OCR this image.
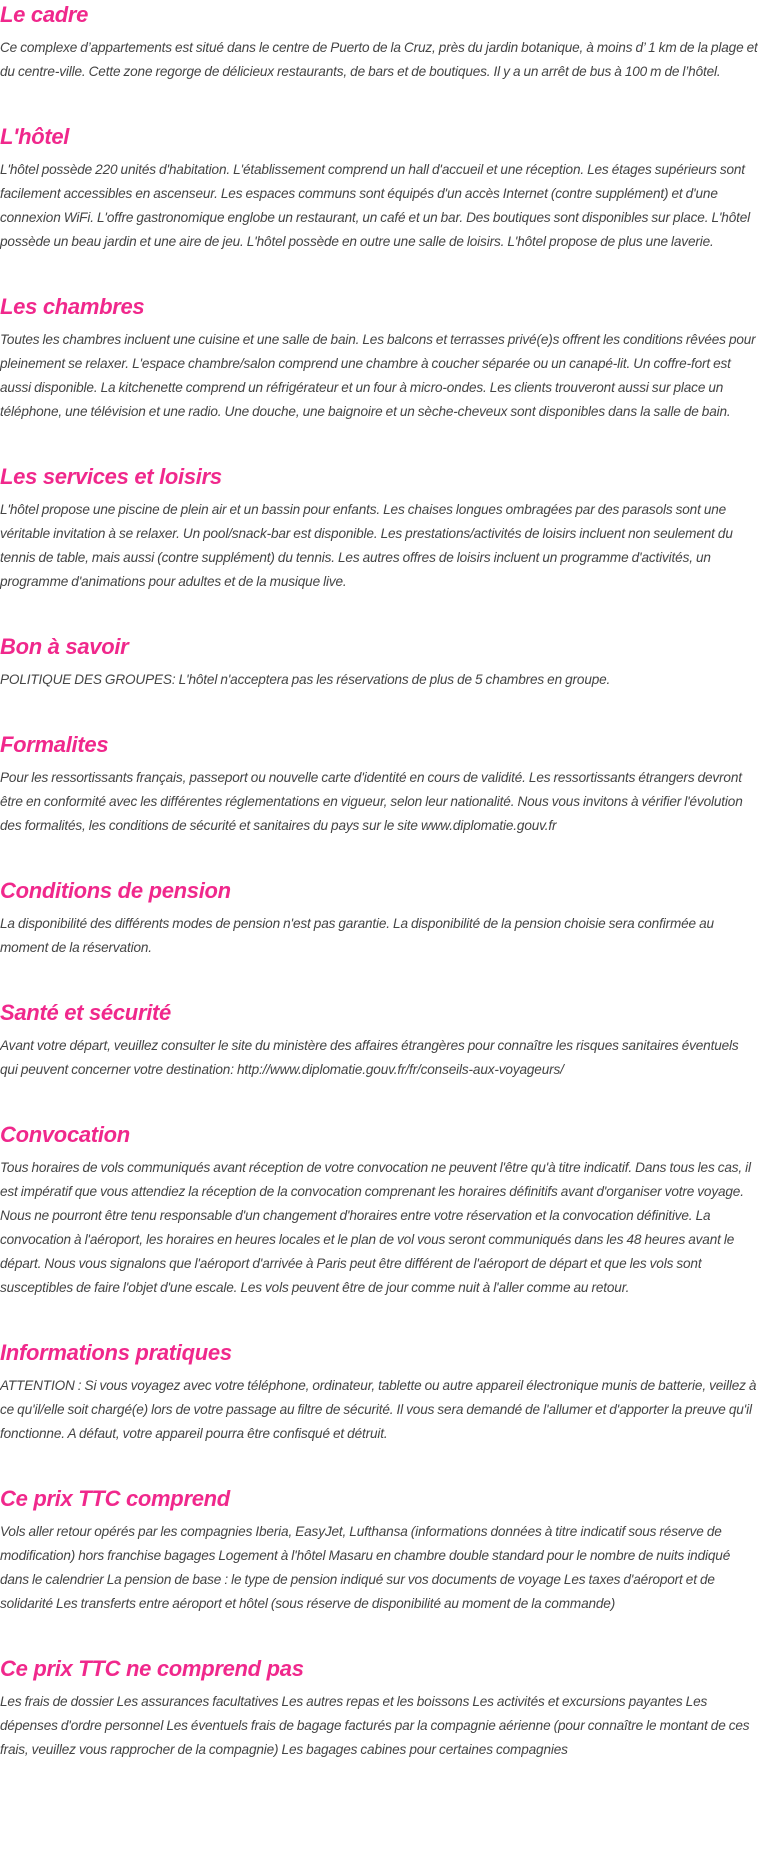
Le cadre

Ce complexe d’appartements est situé dans le centre de Puerto de la Cruz, près du jardin botanique, à moins d’ 1 km de la plage et du centre-ville. Cette zone regorge de délicieux restaurants, de bars et de boutiques. Il y a un arrêt de bus à 100 m de l’hôtel.

L'hôtel

L'hôtel possède 220 unités d'habitation. L'établissement comprend un hall d'accueil et une réception. Les étages supérieurs sont facilement accessibles en ascenseur. Les espaces communs sont équipés d'un accès Internet (contre supplément) et d'une connexion WiFi. L'offre gastronomique englobe un restaurant, un café et un bar. Des boutiques sont disponibles sur place. L'hôtel possède un beau jardin et une aire de jeu. L'hôtel possède en outre une salle de loisirs. L'hôtel propose de plus une laverie.

Les chambres

Toutes les chambres incluent une cuisine et une salle de bain. Les balcons et terrasses privé(e)s offrent les conditions rêvées pour pleinement se relaxer. L'espace chambre/salon comprend une chambre à coucher séparée ou un canapé-lit. Un coffre-fort est aussi disponible. La kitchenette comprend un réfrigérateur et un four à micro-ondes. Les clients trouveront aussi sur place un téléphone, une télévision et une radio. Une douche, une baignoire et un sèche-cheveux sont disponibles dans la salle de bain.

Les services et loisirs

L'hôtel propose une piscine de plein air et un bassin pour enfants. Les chaises longues ombragées par des parasols sont une véritable invitation à se relaxer. Un pool/snack-bar est disponible. Les prestations/activités de loisirs incluent non seulement du tennis de table, mais aussi (contre supplément) du tennis. Les autres offres de loisirs incluent un programme d'activités, un programme d'animations pour adultes et de la musique live.

Bon à savoir

POLITIQUE DES GROUPES: L'hôtel n'acceptera pas les réservations de plus de 5 chambres en groupe.

Formalites

Pour les ressortissants français, passeport ou nouvelle carte d'identité en cours de validité. Les ressortissants étrangers devront être en conformité avec les différentes réglementations en vigueur, selon leur nationalité. Nous vous invitons à vérifier l'évolution des formalités, les conditions de sécurité et sanitaires du pays sur le site www.diplomatie.gouv.fr

Conditions de pension

La disponibilité des différents modes de pension n'est pas garantie. La disponibilité de la pension choisie sera confirmée au moment de la réservation.

Santé et sécurité

Avant votre départ, veuillez consulter le site du ministère des affaires étrangères pour connaître les risques sanitaires éventuels qui peuvent concerner votre destination: http://www.diplomatie.gouv.fr/fr/conseils-aux-voyageurs/

Convocation

Tous horaires de vols communiqués avant réception de votre convocation ne peuvent l'être qu'à titre indicatif. Dans tous les cas, il est impératif que vous attendiez la réception de la convocation comprenant les horaires définitifs avant d'organiser votre voyage. Nous ne pourront être tenu responsable d'un changement d'horaires entre votre réservation et la convocation définitive. La convocation à l'aéroport, les horaires en heures locales et le plan de vol vous seront communiqués dans les 48 heures avant le départ. Nous vous signalons que l'aéroport d'arrivée à Paris peut être différent de l'aéroport de départ et que les vols sont susceptibles de faire l'objet d'une escale. Les vols peuvent être de jour comme nuit à l'aller comme au retour.

Informations pratiques

ATTENTION : Si vous voyagez avec votre téléphone, ordinateur, tablette ou autre appareil électronique munis de batterie, veillez à ce qu'il/elle soit chargé(e) lors de votre passage au filtre de sécurité. Il vous sera demandé de l'allumer et d'apporter la preuve qu'il fonctionne. A défaut, votre appareil pourra être confisqué et détruit.

Ce prix TTC comprend

Vols aller retour opérés par les compagnies Iberia, EasyJet, Lufthansa (informations données à titre indicatif sous réserve de modification) hors franchise bagages Logement à l'hôtel Masaru en chambre double standard pour le nombre de nuits indiqué dans le calendrier La pension de base : le type de pension indiqué sur vos documents de voyage Les taxes d'aéroport et de solidarité Les transferts entre aéroport et hôtel (sous réserve de disponibilité au moment de la commande)

Ce prix TTC ne comprend pas

Les frais de dossier Les assurances facultatives Les autres repas et les boissons Les activités et excursions payantes Les dépenses d'ordre personnel Les éventuels frais de bagage facturés par la compagnie aérienne (pour connaître le montant de ces frais, veuillez vous rapprocher de la compagnie) Les bagages cabines pour certaines compagnies
